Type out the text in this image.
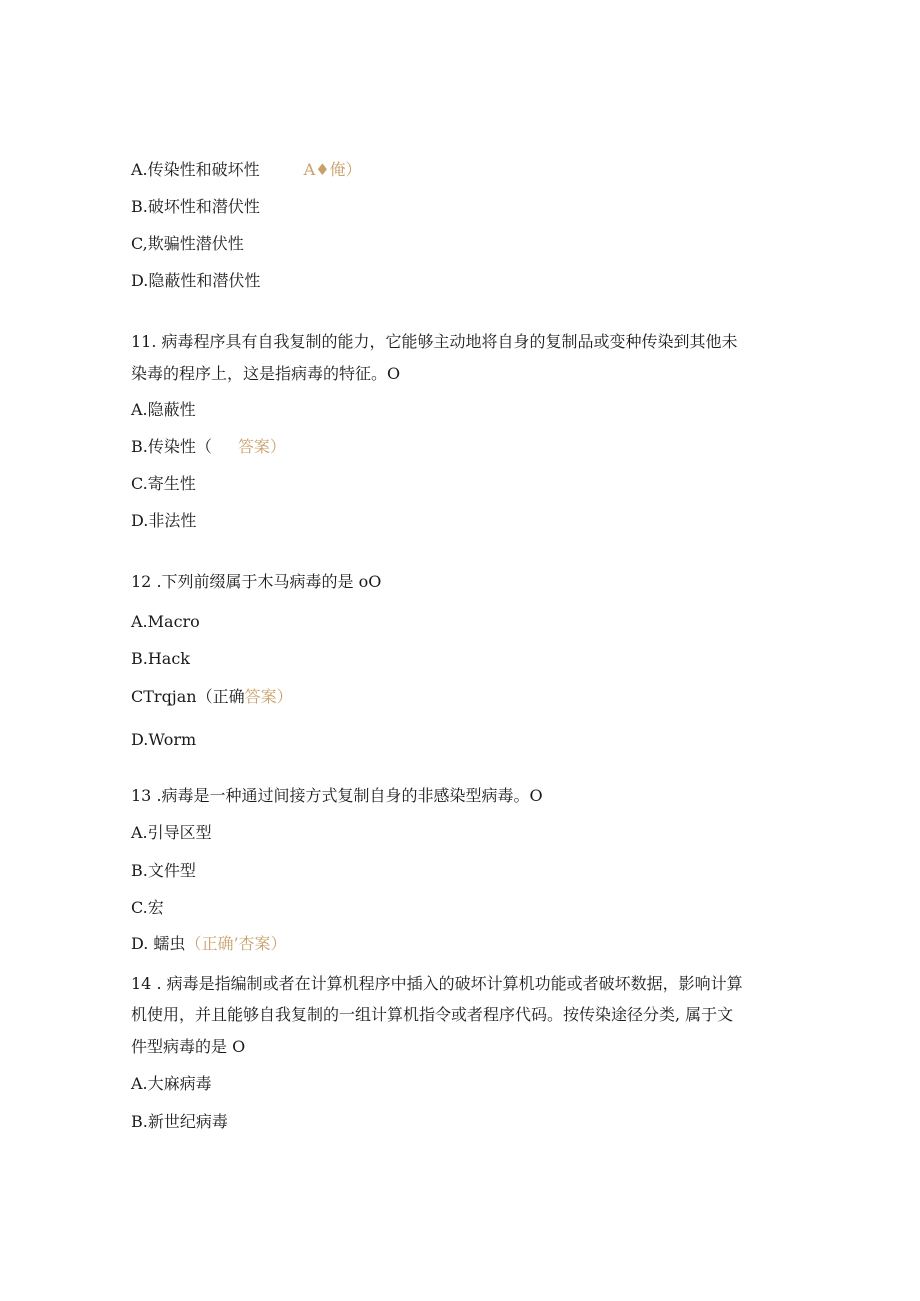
A.传染性和破坏性	A♦俺）
B.破坏性和潜伏性
C,欺骗性潜伏性
D.隐蔽性和潜伏性
11. 病毒程序具有自我复制的能力，它能够主动地将自身的复制品或变种传染到其他未
染毒的程序上，这是指病毒的特征。O
A.隐蔽性
B.传染性（ 答案）
C.寄生性
D.非法性
12 .下列前缀属于木马病毒的是 oO
A.Macro
B.Hack
CTrqjan（正确答案）
D.Worm
13 .病毒是一种通过间接方式复制自身的非感染型病毒。O
A.引导区型
B.文件型
C.宏
D. 蠕虫（正确’杏案）
14 . 病毒是指编制或者在计算机程序中插入的破坏计算机功能或者破坏数据，影响计算
机使用，并且能够自我复制的一组计算机指令或者程序代码。按传染途径分类, 属于文
件型病毒的是 O
A.大麻病毒
B.新世纪病毒
